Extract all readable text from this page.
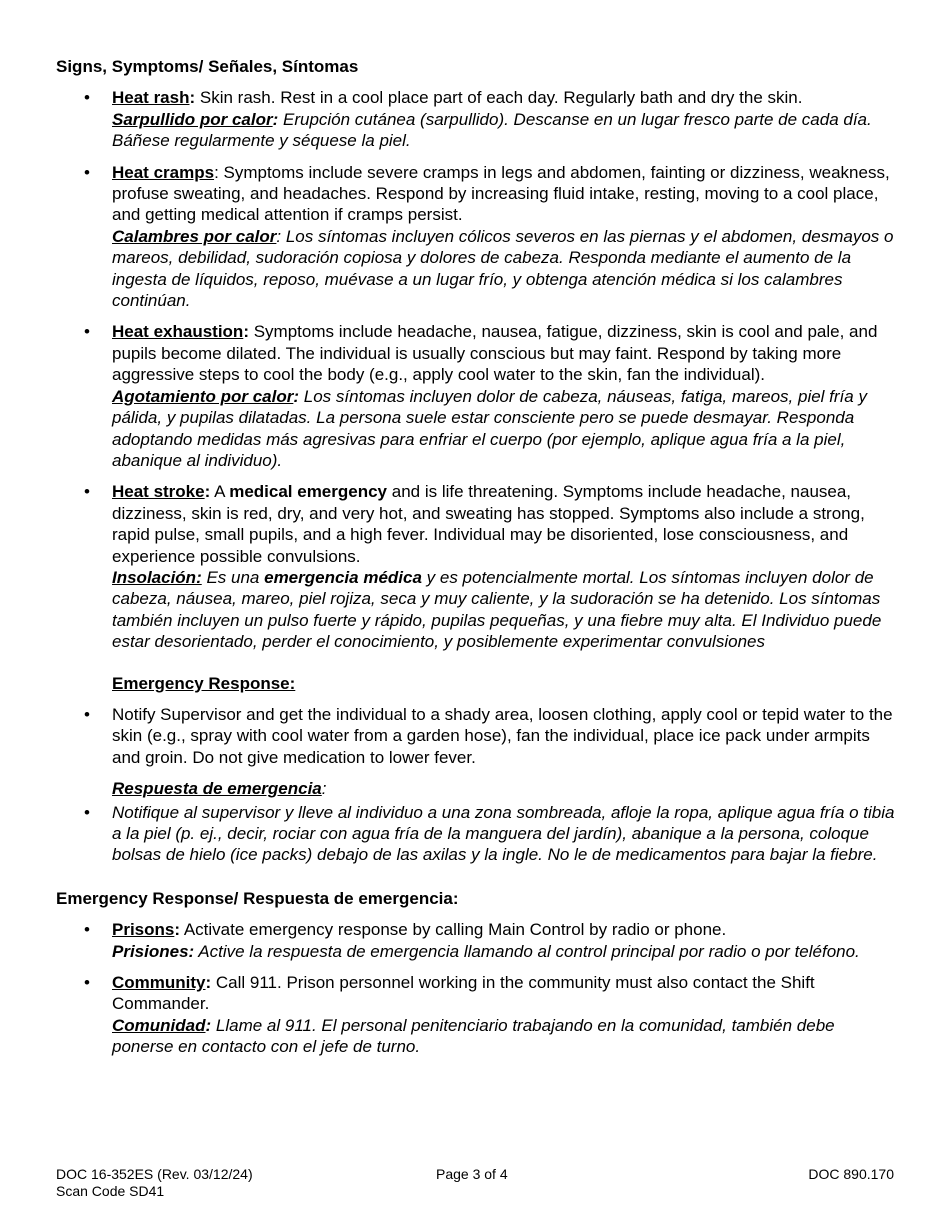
Signs, Symptoms/ Señales, Síntomas
• Heat rash: Skin rash. Rest in a cool place part of each day. Regularly bath and dry the skin.
Sarpullido por calor: Erupción cutánea (sarpullido). Descanse en un lugar fresco parte de cada día. Báñese regularmente y séquese la piel.
• Heat cramps: Symptoms include severe cramps in legs and abdomen, fainting or dizziness, weakness, profuse sweating, and headaches. Respond by increasing fluid intake, resting, moving to a cool place, and getting medical attention if cramps persist.
Calambres por calor: Los síntomas incluyen cólicos severos en las piernas y el abdomen, desmayos o mareos, debilidad, sudoración copiosa y dolores de cabeza. Responda mediante el aumento de la ingesta de líquidos, reposo, muévase a un lugar frío, y obtenga atención médica si los calambres continúan.
• Heat exhaustion: Symptoms include headache, nausea, fatigue, dizziness, skin is cool and pale, and pupils become dilated. The individual is usually conscious but may faint. Respond by taking more aggressive steps to cool the body (e.g., apply cool water to the skin, fan the individual).
Agotamiento por calor: Los síntomas incluyen dolor de cabeza, náuseas, fatiga, mareos, piel fría y pálida, y pupilas dilatadas. La persona suele estar consciente pero se puede desmayar. Responda adoptando medidas más agresivas para enfriar el cuerpo (por ejemplo, aplique agua fría a la piel, abanique al individuo).
• Heat stroke: A medical emergency and is life threatening. Symptoms include headache, nausea, dizziness, skin is red, dry, and very hot, and sweating has stopped. Symptoms also include a strong, rapid pulse, small pupils, and a high fever. Individual may be disoriented, lose consciousness, and experience possible convulsions.
Insolación: Es una emergencia médica y es potencialmente mortal. Los síntomas incluyen dolor de cabeza, náusea, mareo, piel rojiza, seca y muy caliente, y la sudoración se ha detenido. Los síntomas también incluyen un pulso fuerte y rápido, pupilas pequeñas, y una fiebre muy alta. El Individuo puede estar desorientado, perder el conocimiento, y posiblemente experimentar convulsiones
Emergency Response:
• Notify Supervisor and get the individual to a shady area, loosen clothing, apply cool or tepid water to the skin (e.g., spray with cool water from a garden hose), fan the individual, place ice pack under armpits and groin. Do not give medication to lower fever.
Respuesta de emergencia:
• Notifique al supervisor y lleve al individuo a una zona sombreada, afloje la ropa, aplique agua fría o tibia a la piel (p. ej., decir, rociar con agua fría de la manguera del jardín), abanique a la persona, coloque bolsas de hielo (ice packs) debajo de las axilas y la ingle. No le de medicamentos para bajar la fiebre.
Emergency Response/ Respuesta de emergencia:
• Prisons: Activate emergency response by calling Main Control by radio or phone.
Prisiones: Active la respuesta de emergencia llamando al control principal por radio o por teléfono.
• Community: Call 911. Prison personnel working in the community must also contact the Shift Commander.
Comunidad: Llame al 911. El personal penitenciario trabajando en la comunidad, también debe ponerse en contacto con el jefe de turno.
DOC 16-352ES (Rev. 03/12/24)
Scan Code SD41
Page 3 of 4	DOC 890.170
